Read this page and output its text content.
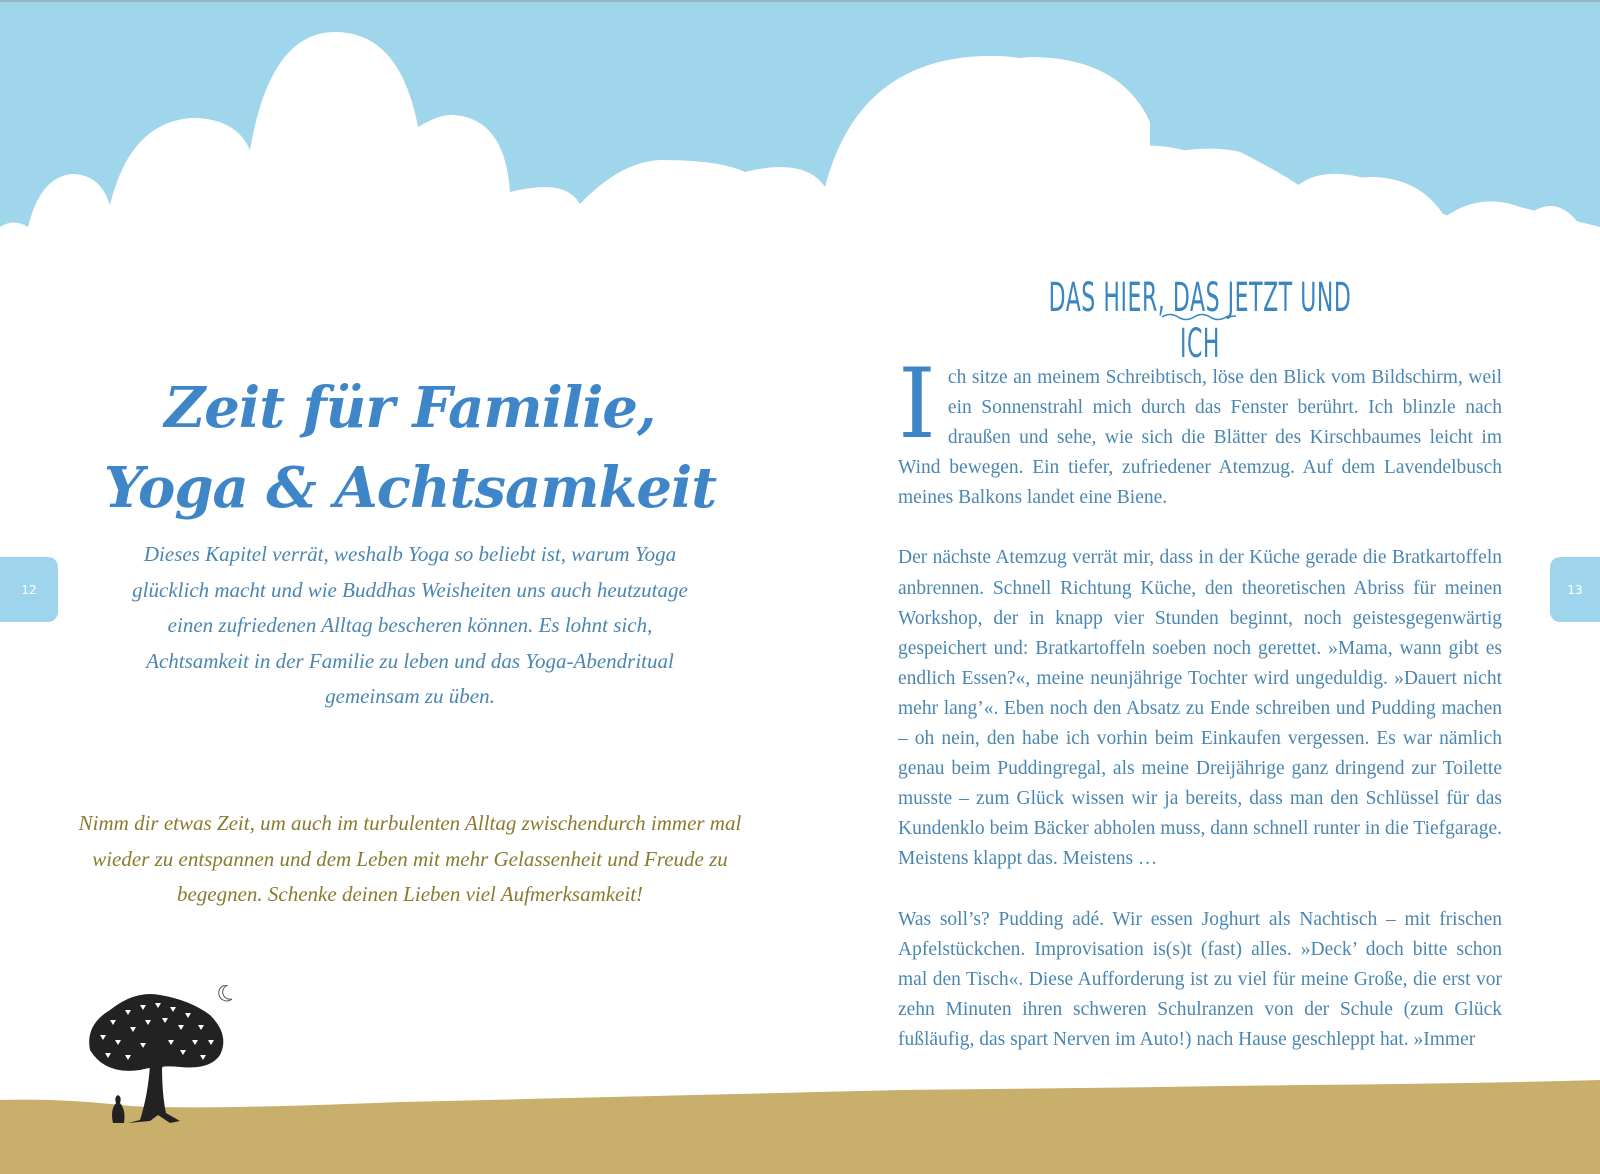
12	13
Zeit für Familie,
Yoga & Achtsamkeit
Dieses Kapitel verrät, weshalb Yoga so beliebt ist, warum Yoga glücklich macht und wie Buddhas Weisheiten uns auch heutzutage einen zufriedenen Alltag bescheren können. Es lohnt sich, Achtsamkeit in der Familie zu leben und das Yoga-Abendritual gemeinsam zu üben.
Nimm dir etwas Zeit, um auch im turbulenten Alltag zwischendurch immer mal wieder zu entspannen und dem Leben mit mehr Gelassenheit und Freude zu begegnen. Schenke deinen Lieben viel Aufmerksamkeit!
DAS HIER, DAS JETZT UND ICH

Ich sitze an meinem Schreibtisch, löse den Blick vom Bildschirm, weil ein Sonnenstrahl mich durch das Fenster berührt. Ich blinzle nach draußen und sehe, wie sich die Blätter des Kirschbaumes leicht im Wind bewegen. Ein tiefer, zufriedener Atemzug. Auf dem Lavendelbusch meines Balkons landet eine Biene.

Der nächste Atemzug verrät mir, dass in der Küche gerade die Bratkartoffeln anbrennen. Schnell Richtung Küche, den theoretischen Abriss für meinen Workshop, der in knapp vier Stunden beginnt, noch geistesgegenwärtig gespeichert und: Bratkartoffeln soeben noch gerettet. »Mama, wann gibt es endlich Essen?«, meine neunjährige Tochter wird ungeduldig. »Dauert nicht mehr lang’«. Eben noch den Absatz zu Ende schreiben und Pudding machen – oh nein, den habe ich vorhin beim Einkaufen vergessen. Es war nämlich genau beim Puddingregal, als meine Dreijährige ganz dringend zur Toilette musste – zum Glück wissen wir ja bereits, dass man den Schlüssel für das Kundenklo beim Bäcker abholen muss, dann schnell runter in die Tiefgarage. Meistens klappt das. Meistens …

Was soll’s? Pudding adé. Wir essen Joghurt als Nachtisch – mit frischen Apfelstückchen. Improvisation is(s)t (fast) alles. »Deck’ doch bitte schon mal den Tisch«. Diese Aufforderung ist zu viel für meine Große, die erst vor zehn Minuten ihren schweren Schulranzen von der Schule (zum Glück fußläufig, das spart Nerven im Auto!) nach Hause geschleppt hat. »Immer
